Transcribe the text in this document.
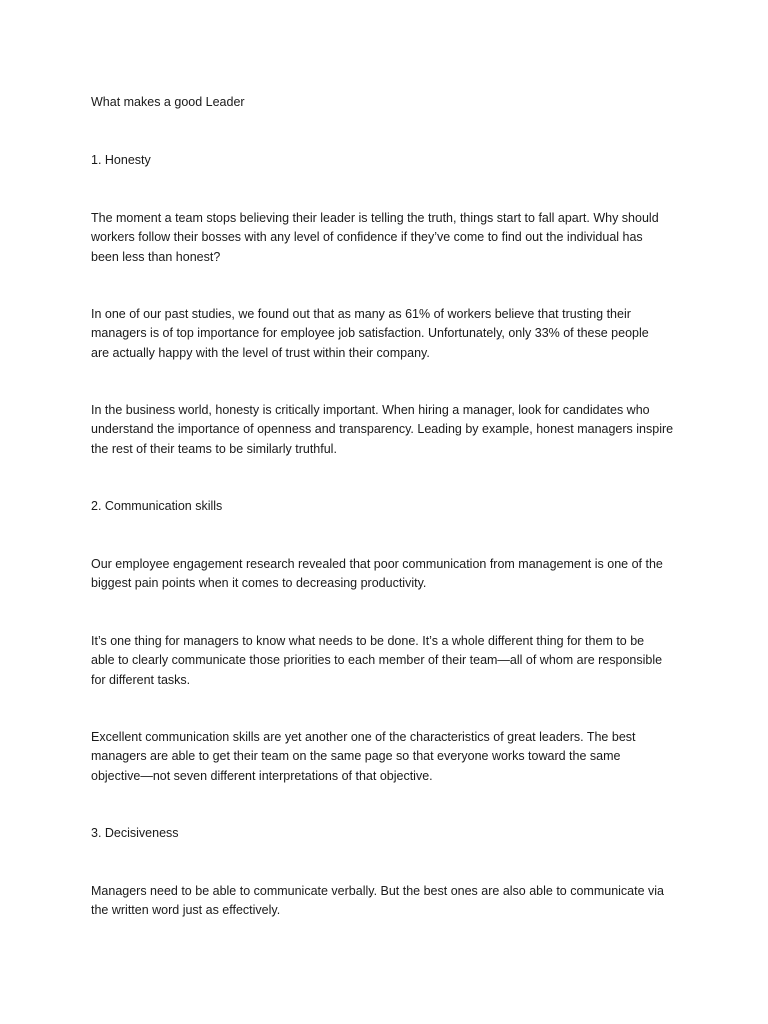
What makes a good Leader

1. Honesty

The moment a team stops believing their leader is telling the truth, things start to fall apart. Why should
workers follow their bosses with any level of confidence if they’ve come to find out the individual has
been less than honest?
In one of our past studies, we found out that as many as 61% of workers believe that trusting their
managers is of top importance for employee job satisfaction. Unfortunately, only 33% of these people
are actually happy with the level of trust within their company.
In the business world, honesty is critically important. When hiring a manager, look for candidates who
understand the importance of openness and transparency. Leading by example, honest managers inspire
the rest of their teams to be similarly truthful.

2. Communication skills

Our employee engagement research revealed that poor communication from management is one of the
biggest pain points when it comes to decreasing productivity.
It’s one thing for managers to know what needs to be done. It’s a whole different thing for them to be
able to clearly communicate those priorities to each member of their team—all of whom are responsible
for different tasks.
Excellent communication skills are yet another one of the characteristics of great leaders. The best
managers are able to get their team on the same page so that everyone works toward the same
objective—not seven different interpretations of that objective.

3. Decisiveness

Managers need to be able to communicate verbally. But the best ones are also able to communicate via
the written word just as effectively.
